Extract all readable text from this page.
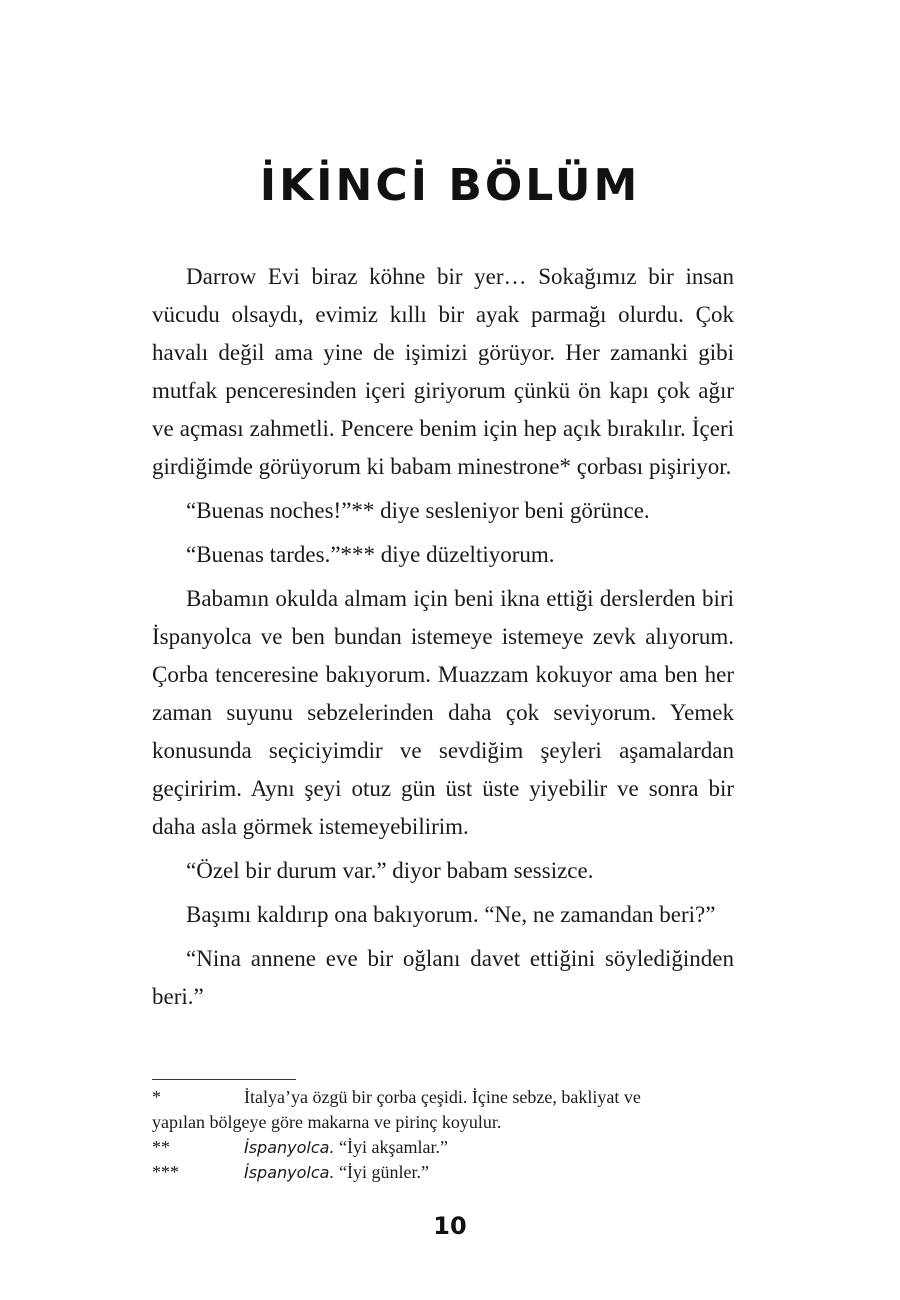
İKİNCİ BÖLÜM

Darrow Evi biraz köhne bir yer… Sokağımız bir insan vücudu olsaydı, evimiz kıllı bir ayak parmağı olurdu. Çok havalı değil ama yine de işimizi görüyor. Her zamanki gibi mutfak penceresinden içeri giriyorum çünkü ön kapı çok ağır ve açması zahmetli. Pencere benim için hep açık bırakılır. İçeri girdiğimde görüyorum ki babam minestrone* çorbası pişiriyor.

“Buenas noches!”** diye sesleniyor beni görünce.

“Buenas tardes.”*** diye düzeltiyorum.

Babamın okulda almam için beni ikna ettiği derslerden biri İspanyolca ve ben bundan istemeye istemeye zevk alıyorum. Çorba tenceresine bakıyorum. Muazzam kokuyor ama ben her zaman suyunu sebzelerinden daha çok seviyorum. Yemek konusunda seçiciyimdir ve sevdiğim şeyleri aşamalardan geçiririm. Aynı şeyi otuz gün üst üste yiyebilir ve sonra bir daha asla görmek istemeyebilirim.

“Özel bir durum var.” diyor babam sessizce.

Başımı kaldırıp ona bakıyorum. “Ne, ne zamandan beri?”

“Nina annene eve bir oğlanı davet ettiğini söylediğinden beri.”

*	İtalya’ya özgü bir çorba çeşidi. İçine sebze, bakliyat ve

yapılan bölgeye göre makarna ve pirinç koyulur.

**	İspanyolca. “İyi akşamlar.”

***	İspanyolca. “İyi günler.”

10
